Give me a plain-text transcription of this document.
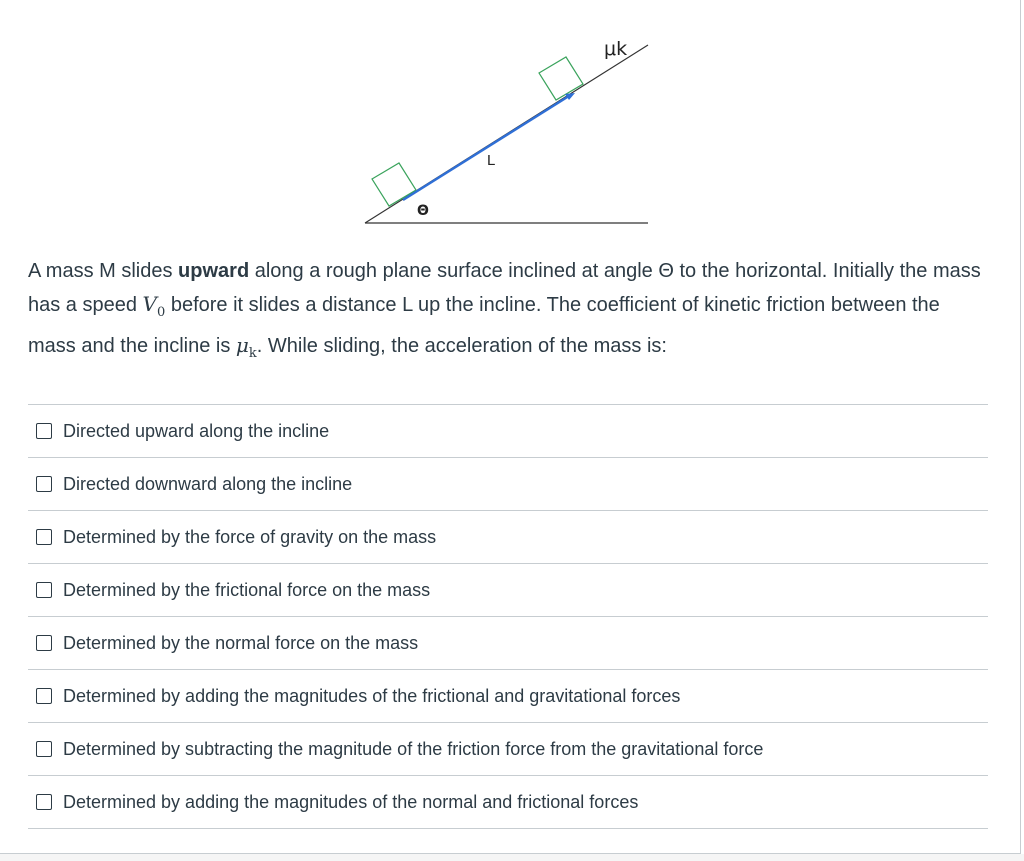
L
Θ
μk
A mass M slides upward along a rough plane surface inclined at angle Θ to the horizontal. Initially the mass has a speed $V_0$ before it slides a distance L up the incline. The coefficient of kinetic friction between the mass and the incline is $\mu_k$. While sliding, the acceleration of the mass is:
Directed upward along the incline
Directed downward along the incline
Determined by the force of gravity on the mass
Determined by the frictional force on the mass
Determined by the normal force on the mass
Determined by adding the magnitudes of the frictional and gravitational forces
Determined by subtracting the magnitude of the friction force from the gravitational force
Determined by adding the magnitudes of the normal and frictional forces
